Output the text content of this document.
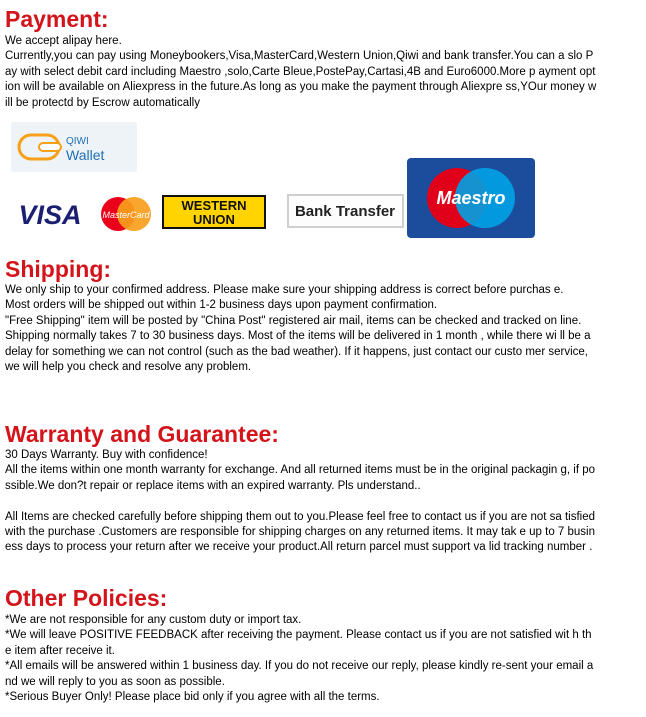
Payment:

We accept alipay here.

Currently,you can pay using Moneybookers,Visa,MasterCard,Western Union,Qiwi and bank transfer.You can a slo Pay with select debit card including Maestro ,solo,Carte Bleue,PostePay,Cartasi,4B and Euro6000.More p ayment option will be available on Aliexpress in the future.As long as you make the payment through Aliexpre ss,YOur money will be protectd by Escrow automatically

QIWI
Wallet
VISA MasterCard
WESTERN
UNION	Bank Transfer
Maestro
Shipping:

We only ship to your confirmed address. Please make sure your shipping address is correct before purchas e.

Most orders will be shipped out within 1-2 business days upon payment confirmation.

"Free Shipping" item will be posted by "China Post" registered air mail, items can be checked and tracked on line.

Shipping normally takes 7 to 30 business days. Most of the items will be delivered in 1 month , while there wi ll be a delay for something we can not control (such as the bad weather). If it happens, just contact our custo mer service, we will help you check and resolve any problem.

Warranty and Guarantee:

30 Days Warranty. Buy with confidence!

All the items within one month warranty for exchange. And all returned items must be in the original packagin g, if possible.We don?t repair or replace items with an expired warranty. Pls understand..

All Items are checked carefully before shipping them out to you.Please feel free to contact us if you are not sa tisfied with the purchase .Customers are responsible for shipping charges on any returned items. It may tak e up to 7 business days to process your return after we receive your product.All return parcel must support va lid tracking number .

Other Policies:

*We are not responsible for any custom duty or import tax.

*We will leave POSITIVE FEEDBACK after receiving the payment. Please contact us if you are not satisfied wit h the item after receive it.

*All emails will be answered within 1 business day. If you do not receive our reply, please kindly re-sent your email and we will reply to you as soon as possible.

*Serious Buyer Only! Please place bid only if you agree with all the terms.
